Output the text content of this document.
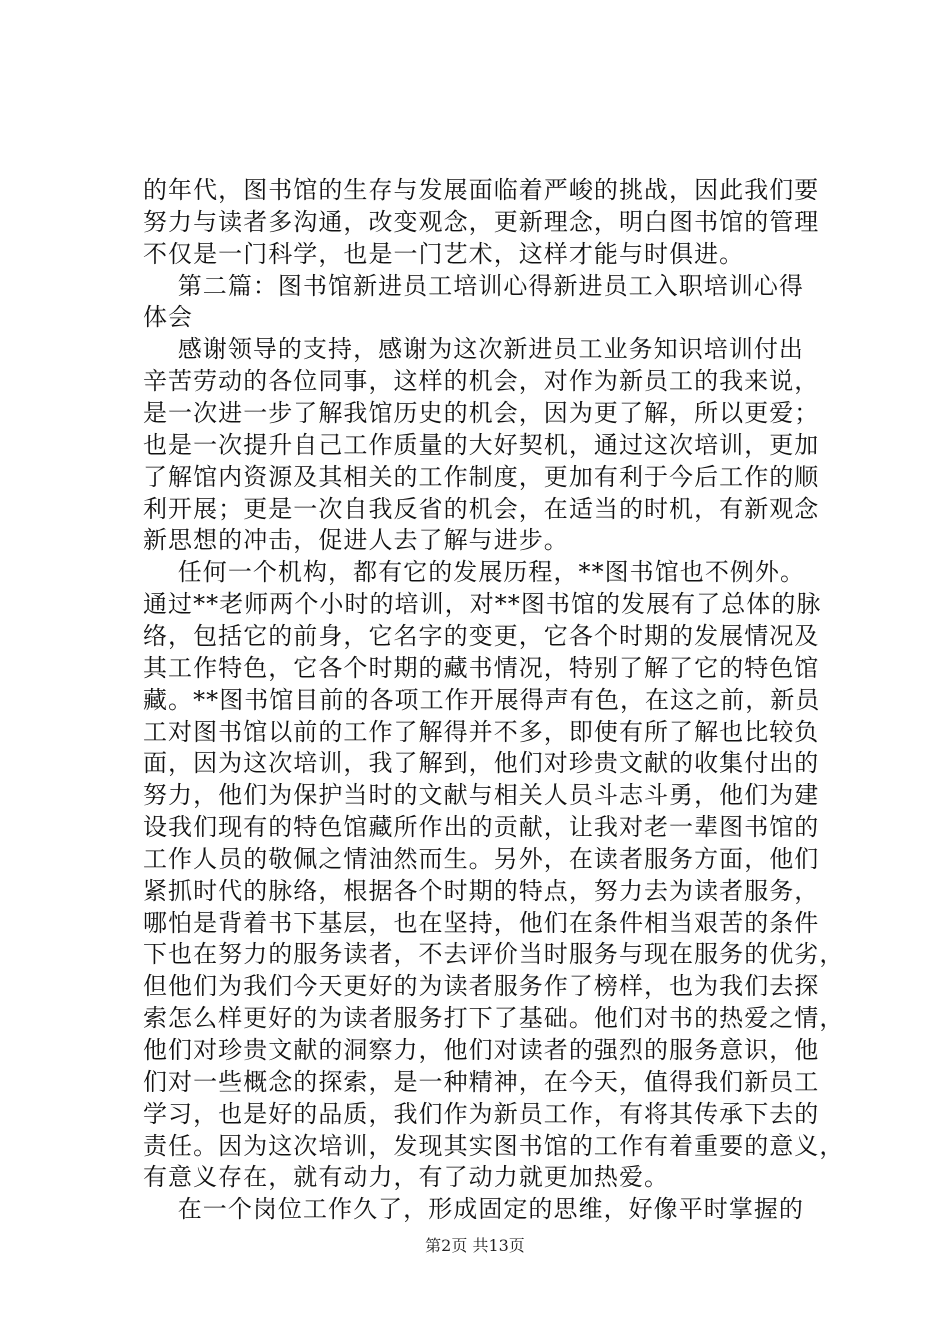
的年代，图书馆的生存与发展面临着严峻的挑战，因此我们要
努力与读者多沟通，改变观念，更新理念，明白图书馆的管理
不仅是一门科学，也是一门艺术，这样才能与时俱进。
第二篇：图书馆新进员工培训心得新进员工入职培训心得
体会
感谢领导的支持，感谢为这次新进员工业务知识培训付出
辛苦劳动的各位同事，这样的机会，对作为新员工的我来说，
是一次进一步了解我馆历史的机会，因为更了解，所以更爱；
也是一次提升自己工作质量的大好契机，通过这次培训，更加
了解馆内资源及其相关的工作制度，更加有利于今后工作的顺
利开展；更是一次自我反省的机会，在适当的时机，有新观念
新思想的冲击，促进人去了解与进步。
任何一个机构，都有它的发展历程，**图书馆也不例外。
通过**老师两个小时的培训，对**图书馆的发展有了总体的脉
络，包括它的前身，它名字的变更，它各个时期的发展情况及
其工作特色，它各个时期的藏书情况，特别了解了它的特色馆
藏。**图书馆目前的各项工作开展得声有色，在这之前，新员
工对图书馆以前的工作了解得并不多，即使有所了解也比较负
面，因为这次培训，我了解到，他们对珍贵文献的收集付出的
努力，他们为保护当时的文献与相关人员斗志斗勇，他们为建
设我们现有的特色馆藏所作出的贡献，让我对老一辈图书馆的
工作人员的敬佩之情油然而生。另外，在读者服务方面，他们
紧抓时代的脉络，根据各个时期的特点，努力去为读者服务，
哪怕是背着书下基层，也在坚持，他们在条件相当艰苦的条件
下也在努力的服务读者，不去评价当时服务与现在服务的优劣，
但他们为我们今天更好的为读者服务作了榜样，也为我们去探
索怎么样更好的为读者服务打下了基础。他们对书的热爱之情，
他们对珍贵文献的洞察力，他们对读者的强烈的服务意识，他
们对一些概念的探索，是一种精神，在今天，值得我们新员工
学习，也是好的品质，我们作为新员工作，有将其传承下去的
责任。因为这次培训，发现其实图书馆的工作有着重要的意义，
有意义存在，就有动力，有了动力就更加热爱。
在一个岗位工作久了，形成固定的思维，好像平时掌握的
第2页 共13页
